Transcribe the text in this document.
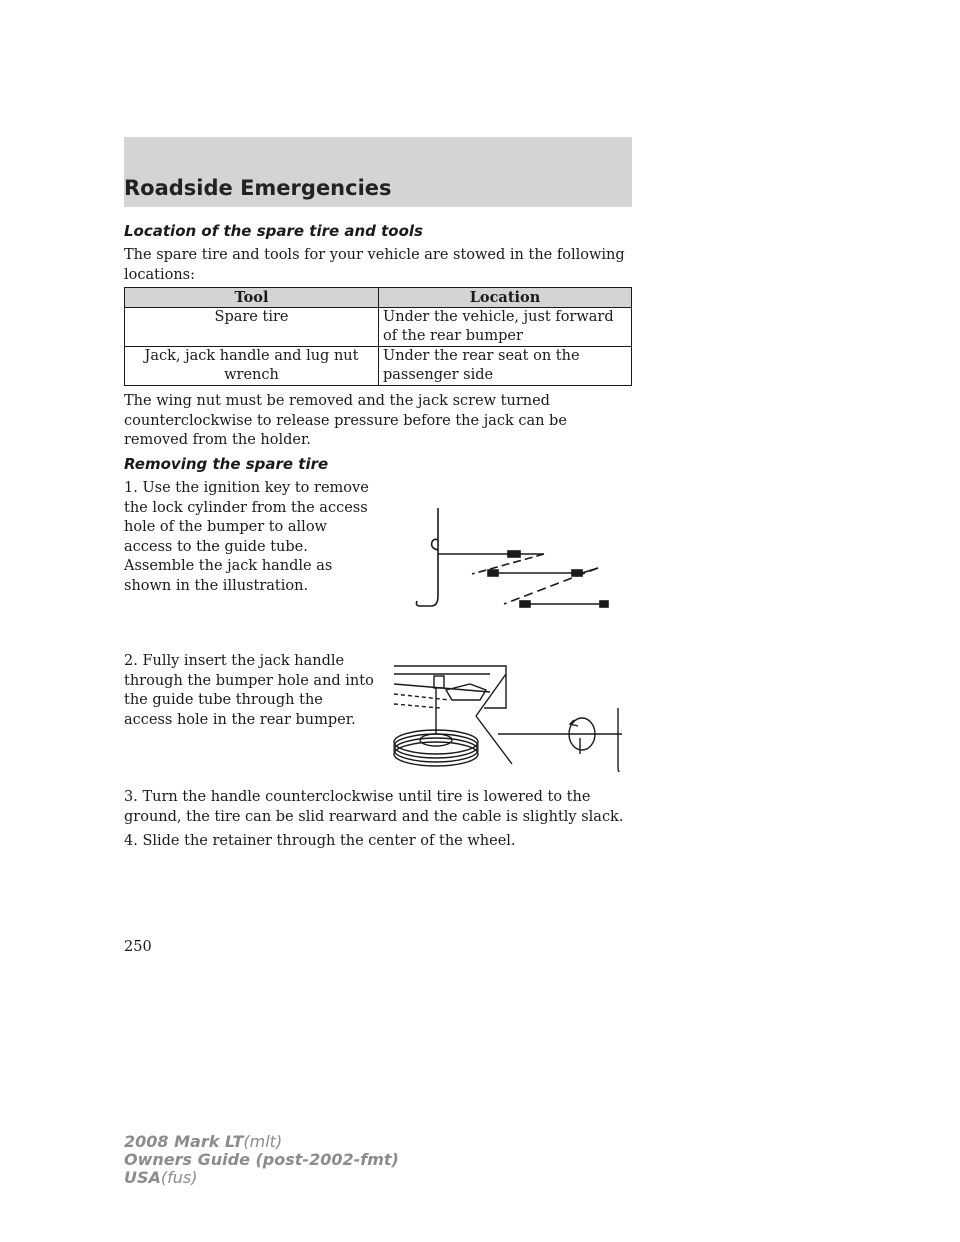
Roadside Emergencies
Location of the spare tire and tools
The spare tire and tools for your vehicle are stowed in the following locations:
Tool	Location
Spare tire	Under the vehicle, just forward of the rear bumper
Jack, jack handle and lug nut wrench	Under the rear seat on the passenger side
The wing nut must be removed and the jack screw turned counterclockwise to release pressure before the jack can be removed from the holder.
Removing the spare tire
1. Use the ignition key to remove the lock cylinder from the access hole of the bumper to allow access to the guide tube. Assemble the jack handle as shown in the illustration.
2. Fully insert the jack handle through the bumper hole and into the guide tube through the access hole in the rear bumper.
3. Turn the handle counterclockwise until tire is lowered to the ground, the tire can be slid rearward and the cable is slightly slack.
4. Slide the retainer through the center of the wheel.
250
2008 Mark LT(mlt)
Owners Guide (post-2002-fmt)
USA(fus)
